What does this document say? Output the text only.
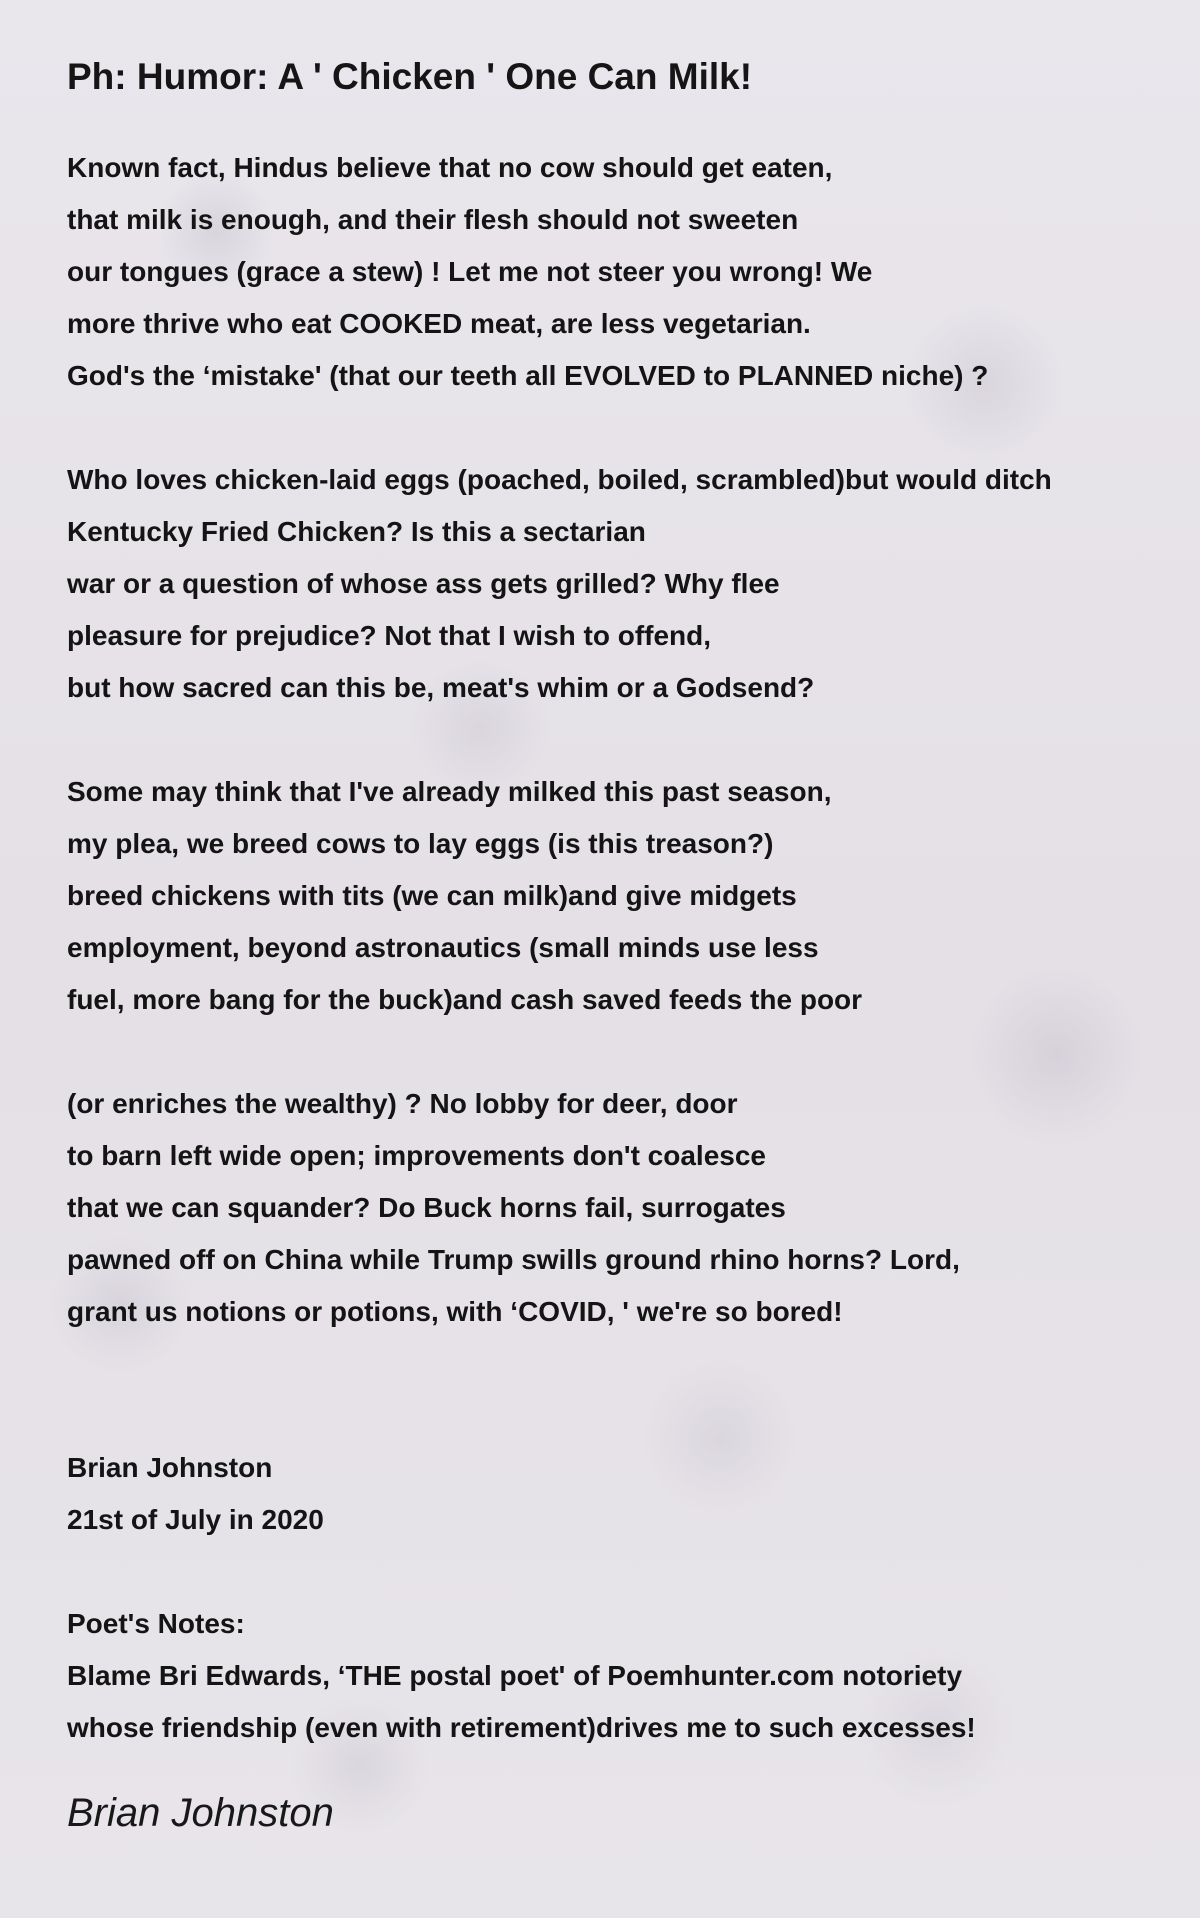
Ph: Humor: A ' Chicken ' One Can Milk!
Known fact, Hindus believe that no cow should get eaten,
that milk is enough, and their flesh should not sweeten
our tongues (grace a stew) ! Let me not steer you wrong! We
more thrive who eat COOKED meat, are less vegetarian.
God's the ‘mistake' (that our teeth all EVOLVED to PLANNED niche) ?
Who loves chicken-laid eggs (poached, boiled, scrambled)but would ditch
Kentucky Fried Chicken? Is this a sectarian
war or a question of whose ass gets grilled? Why flee
pleasure for prejudice? Not that I wish to offend,
but how sacred can this be, meat's whim or a Godsend?
Some may think that I've already milked this past season,
my plea, we breed cows to lay eggs (is this treason?)
breed chickens with tits (we can milk)and give midgets
employment, beyond astronautics (small minds use less
fuel, more bang for the buck)and cash saved feeds the poor
(or enriches the wealthy) ? No lobby for deer, door
to barn left wide open; improvements don't coalesce
that we can squander? Do Buck horns fail, surrogates
pawned off on China while Trump swills ground rhino horns? Lord,
grant us notions or potions, with ‘COVID, ' we're so bored!
Brian Johnston
21st of July in 2020
Poet's Notes:
Blame Bri Edwards, ‘THE postal poet' of Poemhunter.com notoriety
whose friendship (even with retirement)drives me to such excesses!
Brian Johnston
